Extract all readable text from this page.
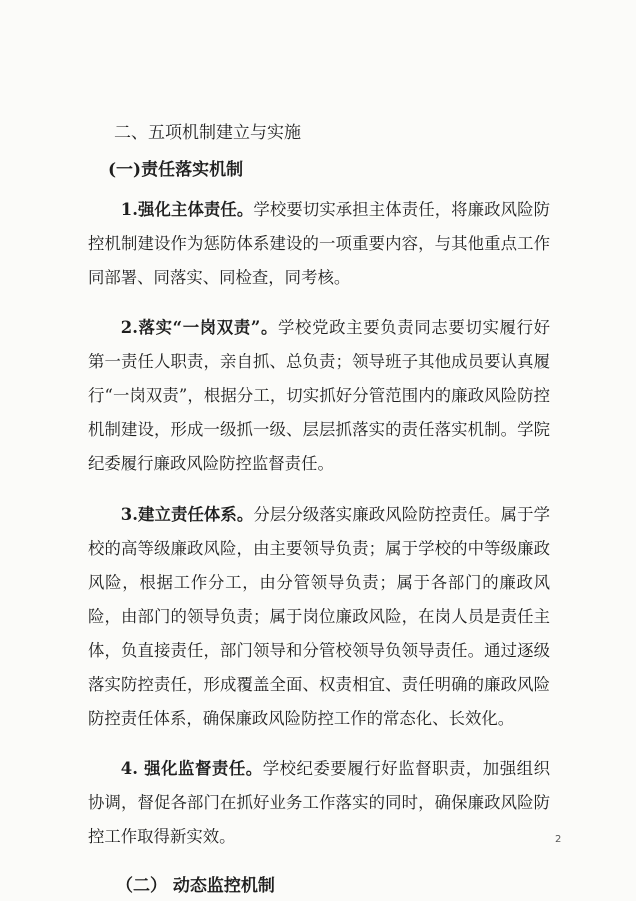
二、五项机制建立与实施
(一)责任落实机制

1.强化主体责任。学校要切实承担主体责任，将廉政风险防控机制建设作为惩防体系建设的一项重要内容，与其他重点工作同部署、同落实、同检查，同考核。

2.落实“一岗双责”。学校党政主要负责同志要切实履行好第一责任人职责，亲自抓、总负责；领导班子其他成员要认真履行“一岗双责”，根据分工，切实抓好分管范围内的廉政风险防控机制建设，形成一级抓一级、层层抓落实的责任落实机制。学院纪委履行廉政风险防控监督责任。

3.建立责任体系。分层分级落实廉政风险防控责任。属于学校的高等级廉政风险，由主要领导负责；属于学校的中等级廉政风险，根据工作分工，由分管领导负责；属于各部门的廉政风险，由部门的领导负责；属于岗位廉政风险，在岗人员是责任主体，负直接责任，部门领导和分管校领导负领导责任。通过逐级落实防控责任，形成覆盖全面、权责相宜、责任明确的廉政风险防控责任体系，确保廉政风险防控工作的常态化、长效化。

4. 强化监督责任。学校纪委要履行好监督职责，加强组织协调，督促各部门在抓好业务工作落实的同时，确保廉政风险防控工作取得新实效。

（二） 动态监控机制
2
